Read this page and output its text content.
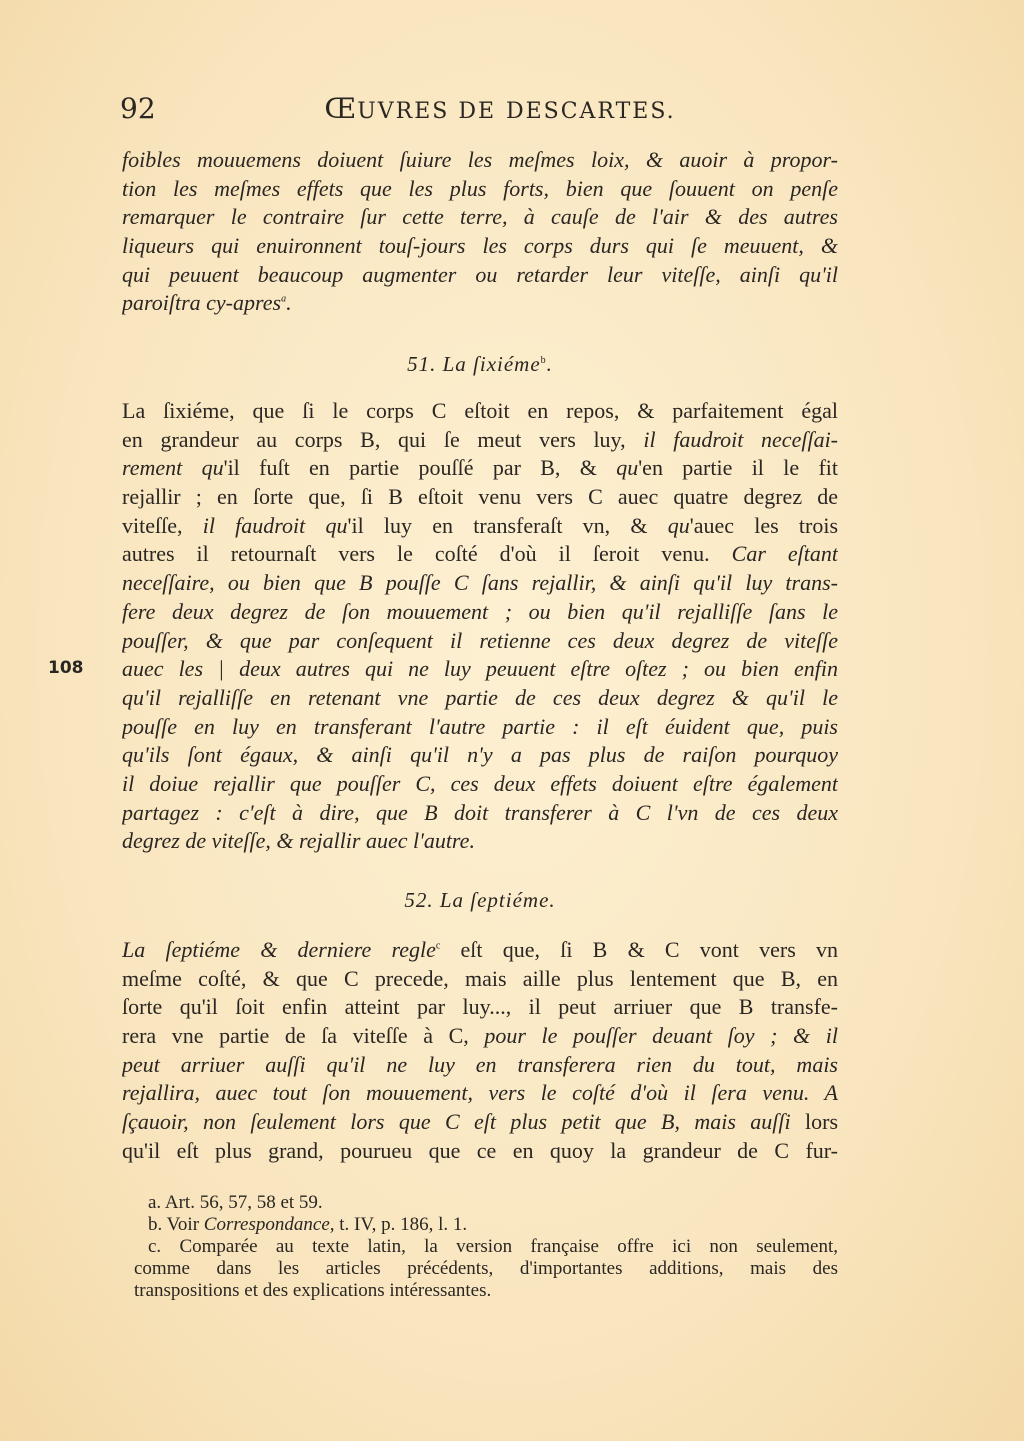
92	ŒUVRES DE DESCARTES.
foibles mouuemens doiuent ſuiure les meſmes loix, & auoir à propor-
tion les meſmes effets que les plus forts, bien que ſouuent on penſe
remarquer le contraire ſur cette terre, à cauſe de l'air & des autres
liqueurs qui enuironnent touſ-jours les corps durs qui ſe meuuent, &
qui peuuent beaucoup augmenter ou retarder leur viteſſe, ainſi qu'il
paroiſtra cy-apres$^a$.
51. La ſixiéme$^b$.
La ſixiéme, que ſi le corps C eſtoit en repos, & parfaitement égal
en grandeur au corps B, qui ſe meut vers luy, il faudroit neceſſai-
rement qu'il fuſt en partie pouſſé par B, & qu'en partie il le fit
rejallir ; en ſorte que, ſi B eſtoit venu vers C auec quatre degrez de
viteſſe, il faudroit qu'il luy en transferaſt vn, & qu'auec les trois
autres il retournaſt vers le coſté d'où il ſeroit venu. Car eſtant
neceſſaire, ou bien que B pouſſe C ſans rejallir, & ainſi qu'il luy trans-
fere deux degrez de ſon mouuement ; ou bien qu'il rejalliſſe ſans le
pouſſer, & que par conſequent il retienne ces deux degrez de viteſſe
auec les | deux autres qui ne luy peuuent eſtre oſtez ; ou bien enfin
qu'il rejalliſſe en retenant vne partie de ces deux degrez & qu'il le
pouſſe en luy en transferant l'autre partie : il eſt éuident que, puis
qu'ils ſont égaux, & ainſi qu'il n'y a pas plus de raiſon pourquoy
il doiue rejallir que pouſſer C, ces deux effets doiuent eſtre également
partagez : c'eſt à dire, que B doit transferer à C l'vn de ces deux
degrez de viteſſe, & rejallir auec l'autre.
108
52. La ſeptiéme.
La ſeptiéme & derniere regle$^c$ eſt que, ſi B & C vont vers vn
meſme coſté, & que C precede, mais aille plus lentement que B, en
ſorte qu'il ſoit enfin atteint par luy..., il peut arriuer que B transfe-
rera vne partie de ſa viteſſe à C, pour le pouſſer deuant ſoy ; & il
peut arriuer auſſi qu'il ne luy en transferera rien du tout, mais
rejallira, auec tout ſon mouuement, vers le coſté d'où il ſera venu. A
ſçauoir, non ſeulement lors que C eſt plus petit que B, mais auſſi lors
qu'il eſt plus grand, pourueu que ce en quoy la grandeur de C fur-
a. Art. 56, 57, 58 et 59.
b. Voir Correspondance, t. IV, p. 186, l. 1.
c. Comparée au texte latin, la version française offre ici non seulement,
comme dans les articles précédents, d'importantes additions, mais des
transpositions et des explications intéressantes.
